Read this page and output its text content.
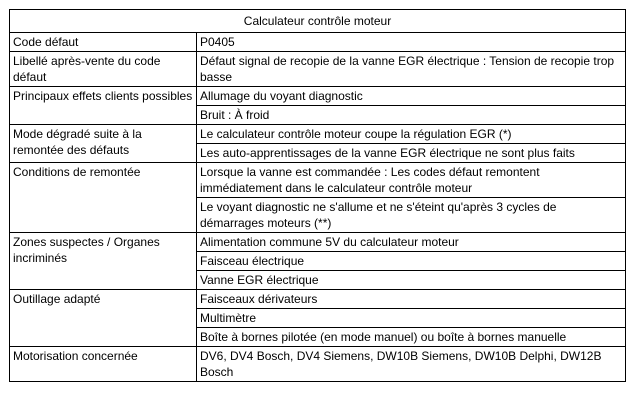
Calculateur contrôle moteur	
Code défaut	P0405
Libellé après-vente du code défaut	Défaut signal de recopie de la vanne EGR électrique : Tension de recopie trop basse
Principaux effets clients possibles	Allumage du voyant diagnostic
	Bruit : À froid
Mode dégradé suite à la remontée des défauts	Le calculateur contrôle moteur coupe la régulation EGR (*)
	Les auto-apprentissages de la vanne EGR électrique ne sont plus faits
Conditions de remontée	Lorsque la vanne est commandée : Les codes défaut remontent immédiatement dans le calculateur contrôle moteur
	Le voyant diagnostic ne s'allume et ne s'éteint qu'après 3 cycles de démarrages moteurs (**)
Zones suspectes / Organes incriminés	Alimentation commune 5V du calculateur moteur
	Faisceau électrique
	Vanne EGR électrique
Outillage adapté	Faisceaux dérivateurs
	Multimètre
	Boîte à bornes pilotée (en mode manuel) ou boîte à bornes manuelle
Motorisation concernée	DV6, DV4 Bosch, DV4 Siemens, DW10B Siemens, DW10B Delphi, DW12B Bosch
